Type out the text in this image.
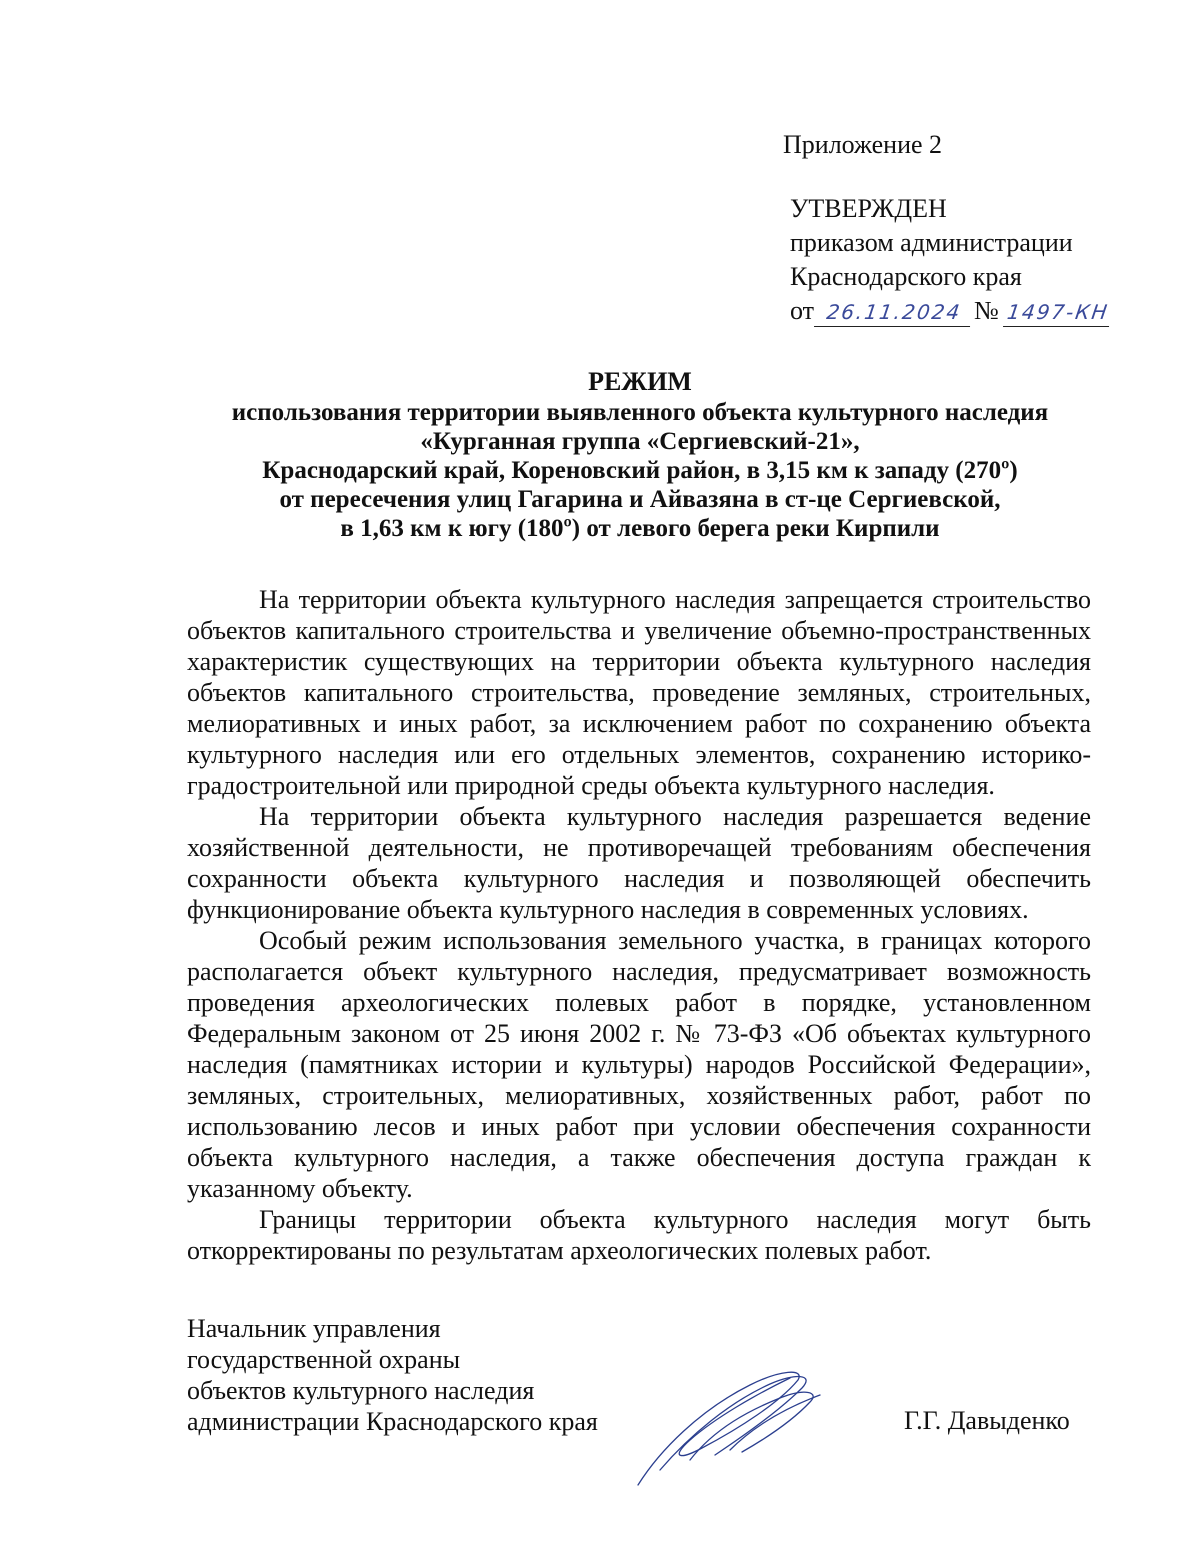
Приложение 2
УТВЕРЖДЕН
приказом администрации
Краснодарского края
от 26.11.2024 № 1497-КН
РЕЖИМ
использования территории выявленного объекта культурного наследия
«Курганная группа «Сергиевский-21»,
Краснодарский край, Кореновский район, в 3,15 км к западу (270º)
от пересечения улиц Гагарина и Айвазяна в ст-це Сергиевской,
в 1,63 км к югу (180º) от левого берега реки Кирпили

На территории объекта культурного наследия запрещается строительство объектов капитального строительства и увеличение объемно-пространственных характеристик существующих на территории объекта культурного наследия объектов капитального строительства, проведение земляных, строительных, мелиоративных и иных работ, за исключением работ по сохранению объекта культурного наследия или его отдельных элементов, сохранению историко-градостроительной или природной среды объекта культурного наследия.

На территории объекта культурного наследия разрешается ведение хозяйственной деятельности, не противоречащей требованиям обеспечения сохранности объекта культурного наследия и позволяющей обеспечить функционирование объекта культурного наследия в современных условиях.

Особый режим использования земельного участка, в границах которого располагается объект культурного наследия, предусматривает возможность проведения археологических полевых работ в порядке, установленном Федеральным законом от 25 июня 2002 г. № 73-ФЗ «Об объектах культурного наследия (памятниках истории и культуры) народов Российской Федерации», земляных, строительных, мелиоративных, хозяйственных работ, работ по использованию лесов и иных работ при условии обеспечения сохранности объекта культурного наследия, а также обеспечения доступа граждан к указанному объекту.

Границы территории объекта культурного наследия могут быть откорректированы по результатам археологических полевых работ.

Начальник управления
государственной охраны
объектов культурного наследия
администрации Краснодарского края	Г.Г. Давыденко
